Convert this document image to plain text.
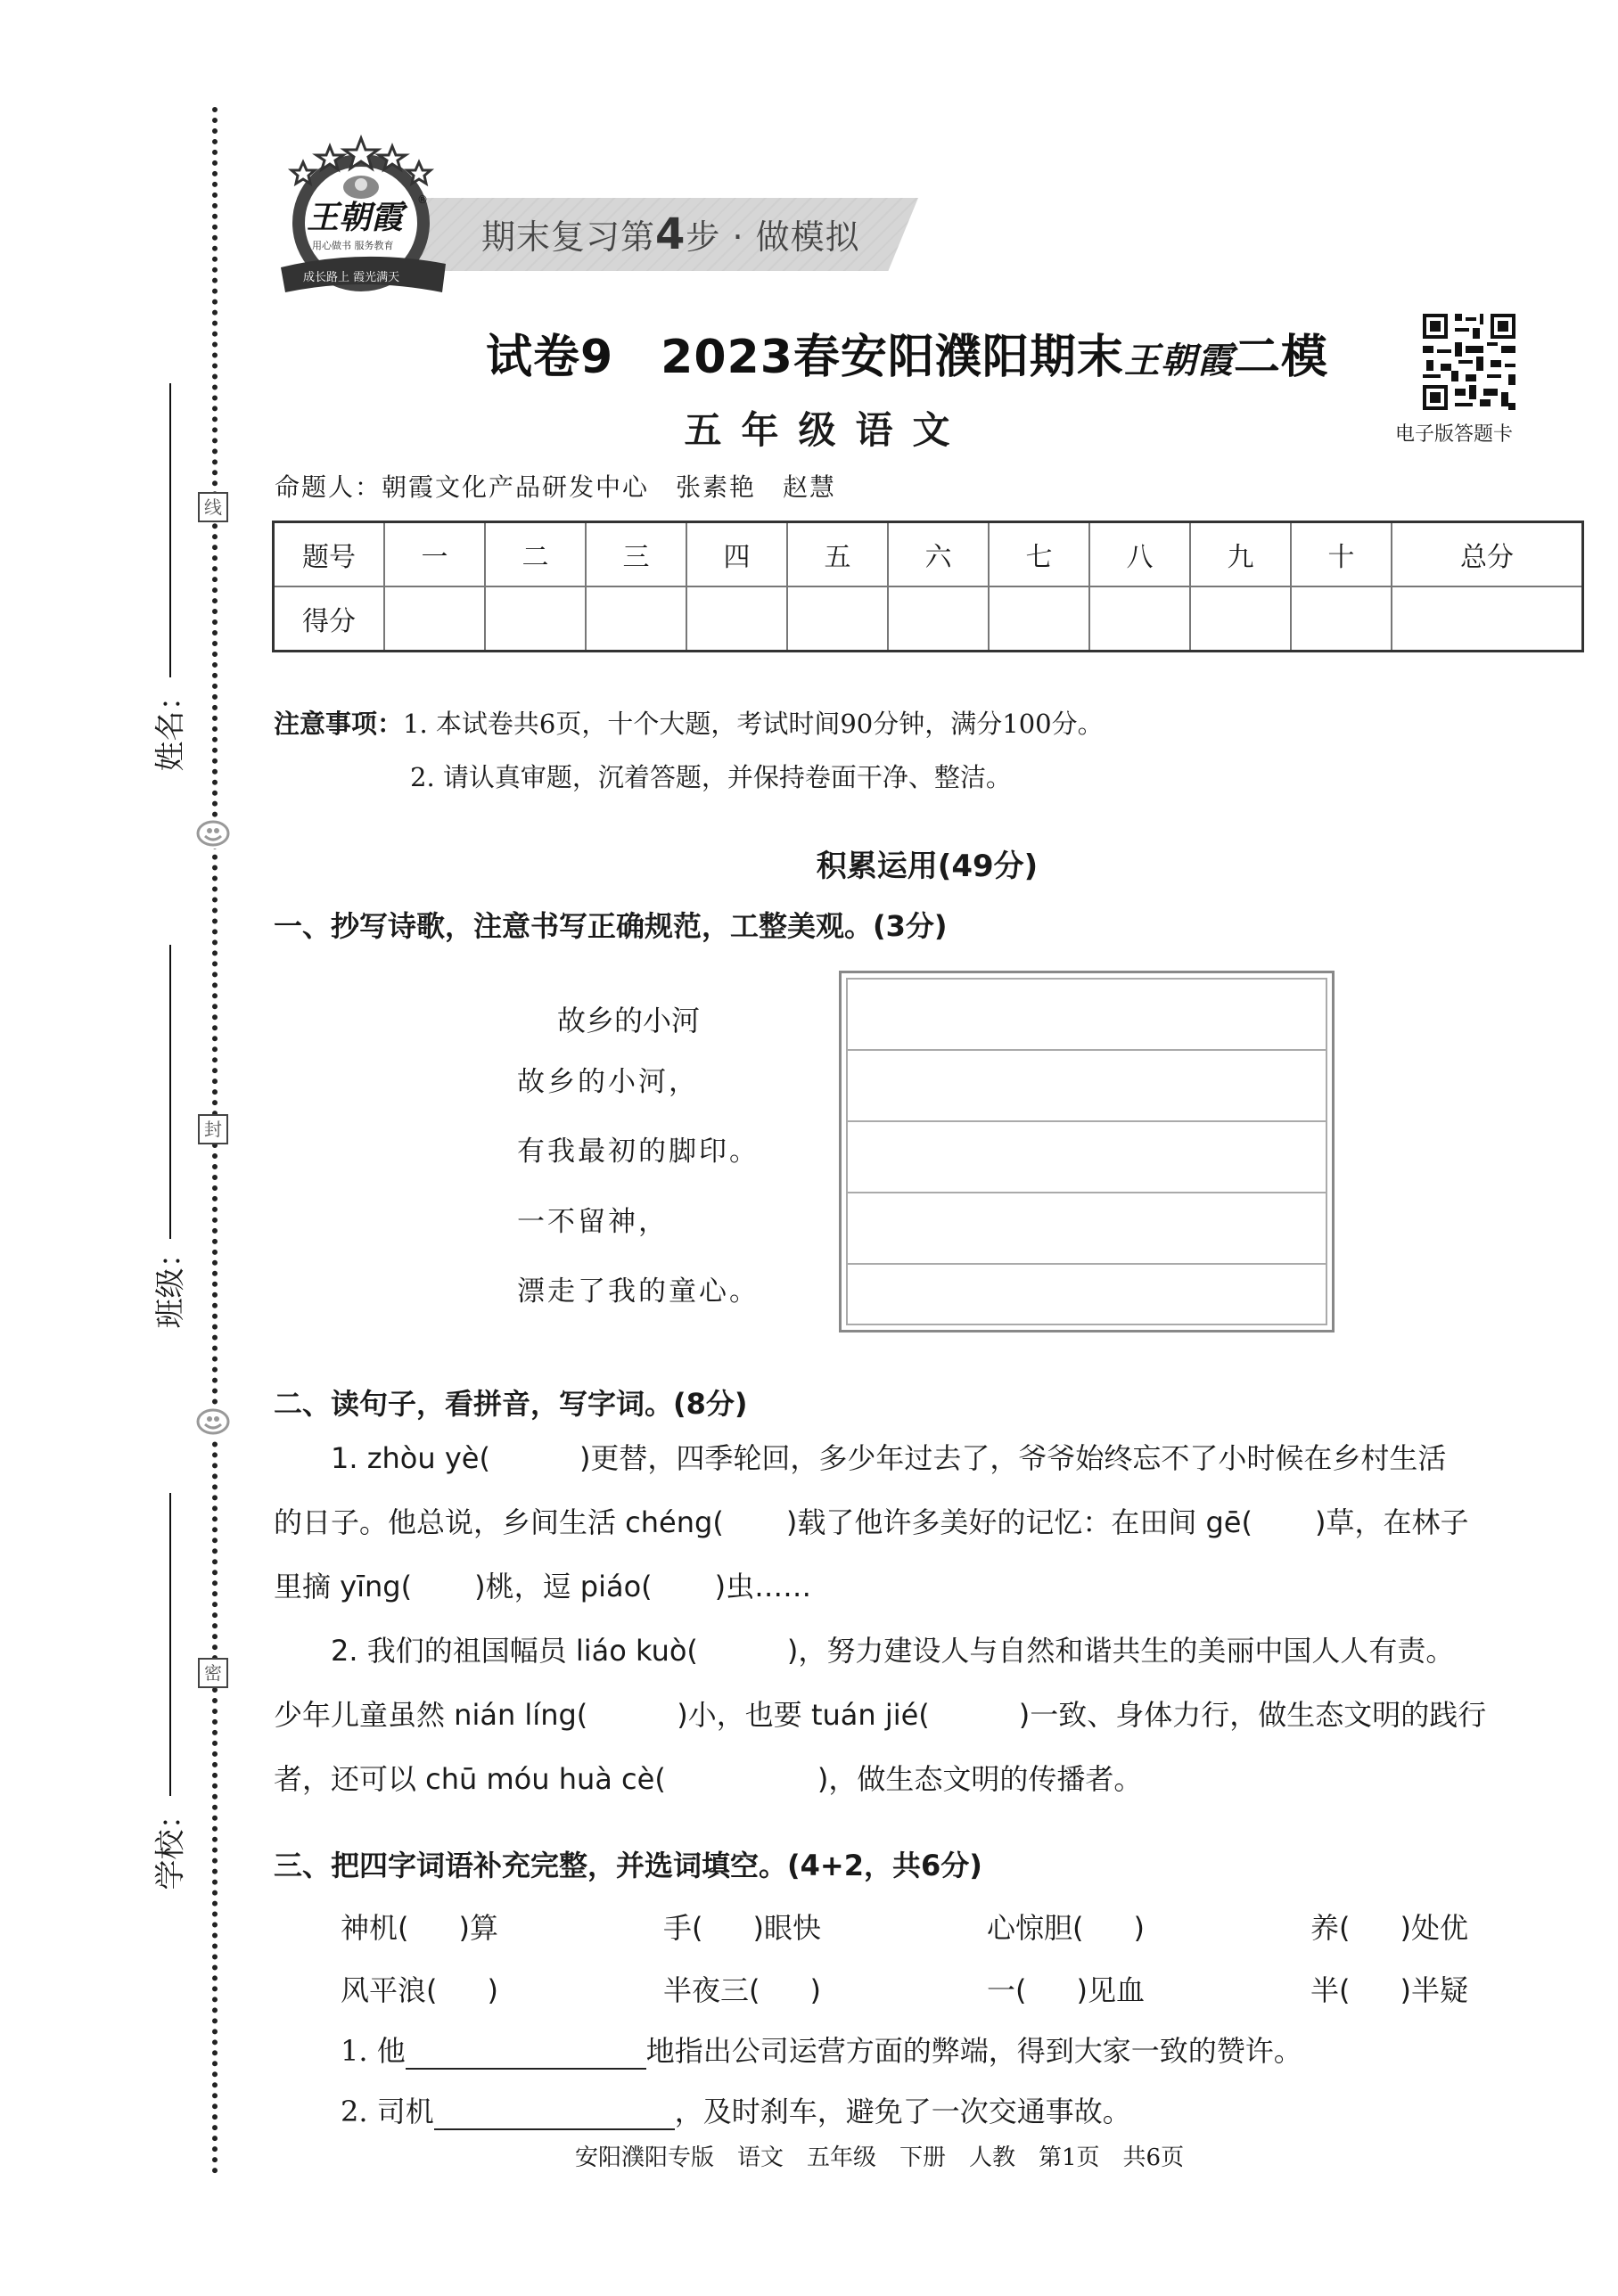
姓名：
班级：
学校：
线
封
密
期末复习第4步 · 做模拟
王朝霞 ®
用心做书 服务教育
成长路上 霞光满天
试卷9　2023春安阳濮阳期末王朝霞二模
五年级语文	电子版答题卡
命题人：朝霞文化产品研发中心　张素艳　赵慧
题号	一	二	三	四	五	六	七	八	九	十	总分
得分											
注意事项：1. 本试卷共6页，十个大题，考试时间90分钟，满分100分。
2. 请认真审题，沉着答题，并保持卷面干净、整洁。
积累运用(49分)
一、抄写诗歌，注意书写正确规范，工整美观。(3分)
故乡的小河
故乡的小河，
有我最初的脚印。
一不留神，
漂走了我的童心。
二、读句子，看拼音，写字词。(8分)
　　1. zhòu yè(	)更替，四季轮回，多少年过去了，爷爷始终忘不了小时候在乡村生活
的日子。他总说，乡间生活 chéng( )载了他许多美好的记忆：在田间 gē( )草，在林子
里摘 yīng( )桃，逗 piáo( )虫……
　　2. 我们的祖国幅员 liáo kuò(	)，努力建设人与自然和谐共生的美丽中国人人有责。
少年儿童虽然 nián líng(	)小，也要 tuán jié(	)一致、身体力行，做生态文明的践行
者，还可以 chū móu huà cè(	)，做生态文明的传播者。
三、把四字词语补充完整，并选词填空。(4+2，共6分)
神机( )算	手( )眼快	心惊胆( )	养( )处优
风平浪( )	半夜三( )	一( )见血	半( )半疑
1. 他	地指出公司运营方面的弊端，得到大家一致的赞许。
2. 司机	，及时刹车，避免了一次交通事故。
安阳濮阳专版　语文　五年级　下册　人教　第1页　共6页
